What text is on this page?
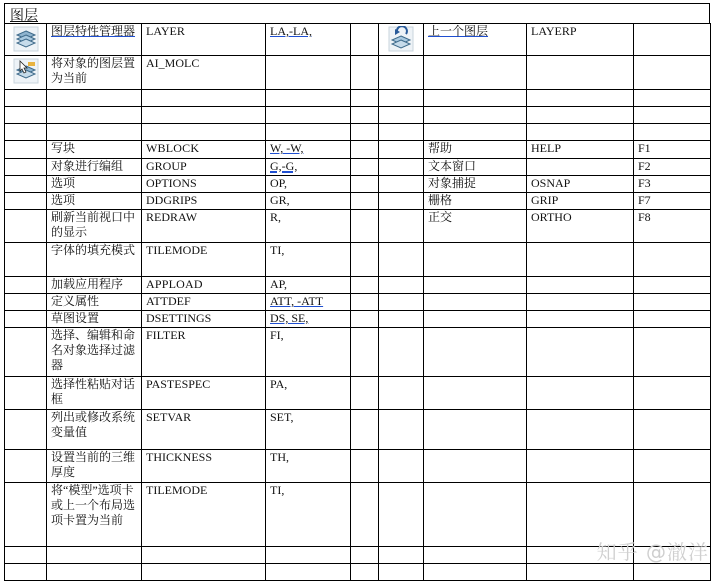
图层
	图层特性管理器	LAYER	LA,-LA,			上一个图层	LAYERP	

	将对象的图层置为当前	AI_MOLC						

	写块	WBLOCK	W, -W,			帮助	HELP	F1
	对象进行编组	GROUP	G,-G,			文本窗口		F2
	选项	OPTIONS	OP,			对象捕捉	OSNAP	F3
	选项	DDGRIPS	GR,			栅格	GRIP	F7
	刷新当前视口中的显示	REDRAW	R,			正交	ORTHO	F8
	字体的填充模式	TILEMODE	TI,					
	加载应用程序	APPLOAD	AP,					
	定义属性	ATTDEF	ATT, -ATT					
	草图设置	DSETTINGS	DS, SE,					
	选择、编辑和命名对象选择过滤器	FILTER	FI,					
	选择性粘贴对话框	PASTESPEC	PA,					
	列出或修改系统变量值	SETVAR	SET,					
	设置当前的三维厚度	THICKNESS	TH,					
	将“模型”选项卡或上一个布局选项卡置为当前	TILEMODE	TI,					

知乎 @澈洋
